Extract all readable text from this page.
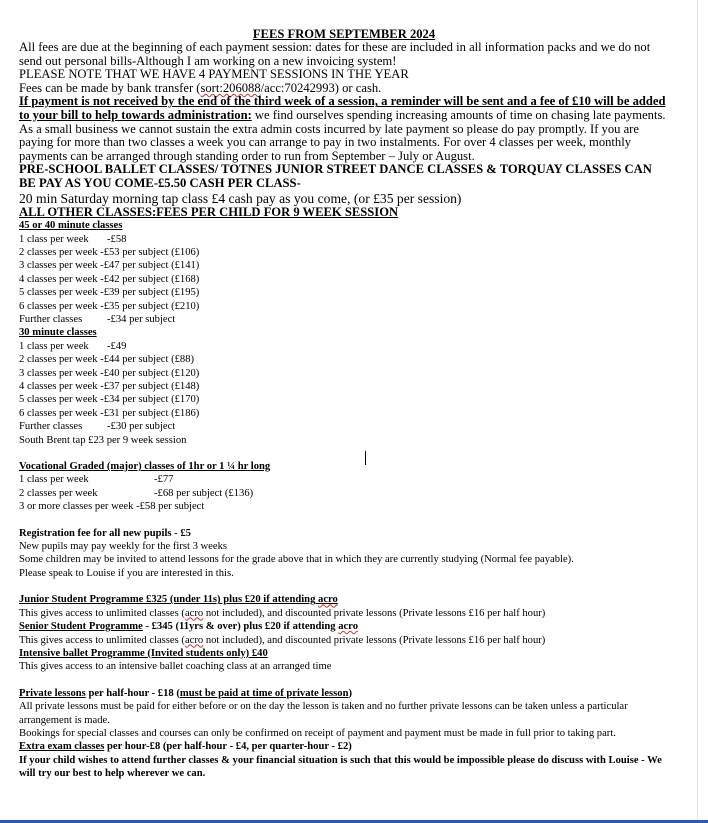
FEES FROM SEPTEMBER 2024
All fees are due at the beginning of each payment session: dates for these are included in all information packs and we do not send out personal bills-Although I am working on a new invoicing system!
PLEASE NOTE THAT WE HAVE 4 PAYMENT SESSIONS IN THE YEAR
Fees can be made by bank transfer (sort:206088/acc:70242993) or cash.
If payment is not received by the end of the third week of a session, a reminder will be sent and a fee of £10 will be added to your bill to help towards administration: we find ourselves spending increasing amounts of time on chasing late payments. As a small business we cannot sustain the extra admin costs incurred by late payment so please do pay promptly. If you are paying for more than two classes a week you can arrange to pay in two instalments. For over 4 classes per week, monthly payments can be arranged through standing order to run from September – July or August.
PRE-SCHOOL BALLET CLASSES/ TOTNES JUNIOR STREET DANCE CLASSES & TORQUAY CLASSES CAN BE PAY AS YOU COME-£5.50 CASH PER CLASS-
20 min Saturday morning tap class £4 cash pay as you come, (or £35 per session)
ALL OTHER CLASSES:FEES PER CHILD FOR 9 WEEK SESSION
45 or 40 minute classes
1 class per week -£58
2 classes per week -£53 per subject (£106)
3 classes per week -£47 per subject (£141)
4 classes per week -£42 per subject (£168)
5 classes per week -£39 per subject (£195)
6 classes per week -£35 per subject (£210)
Further classes -£34 per subject
30 minute classes
1 class per week -£49
2 classes per week -£44 per subject (£88)
3 classes per week -£40 per subject (£120)
4 classes per week -£37 per subject (£148)
5 classes per week -£34 per subject (£170)
6 classes per week -£31 per subject (£186)
Further classes -£30 per subject
South Brent tap £23 per 9 week session
Vocational Graded (major) classes of 1hr or 1 ¼ hr long
1 class per week	-£77
2 classes per week	-£68 per subject (£136)
3 or more classes per week -£58 per subject
Registration fee for all new pupils - £5
New pupils may pay weekly for the first 3 weeks
Some children may be invited to attend lessons for the grade above that in which they are currently studying (Normal fee payable).
Please speak to Louise if you are interested in this.
Junior Student Programme £325 (under 11s) plus £20 if attending acro
This gives access to unlimited classes (acro not included), and discounted private lessons (Private lessons £16 per half hour)
Senior Student Programme - £345 (11yrs & over) plus £20 if attending acro
This gives access to unlimited classes (acro not included), and discounted private lessons (Private lessons £16 per half hour)
Intensive ballet Programme (Invited students only) £40
This gives access to an intensive ballet coaching class at an arranged time
Private lessons per half-hour - £18 (must be paid at time of private lesson)
All private lessons must be paid for either before or on the day the lesson is taken and no further private lessons can be taken unless a particular arrangement is made.
Bookings for special classes and courses can only be confirmed on receipt of payment and payment must be made in full prior to taking part.
Extra exam classes per hour-£8 (per half-hour - £4, per quarter-hour - £2)
If your child wishes to attend further classes & your financial situation is such that this would be impossible please do discuss with Louise - We will try our best to help wherever we can.
